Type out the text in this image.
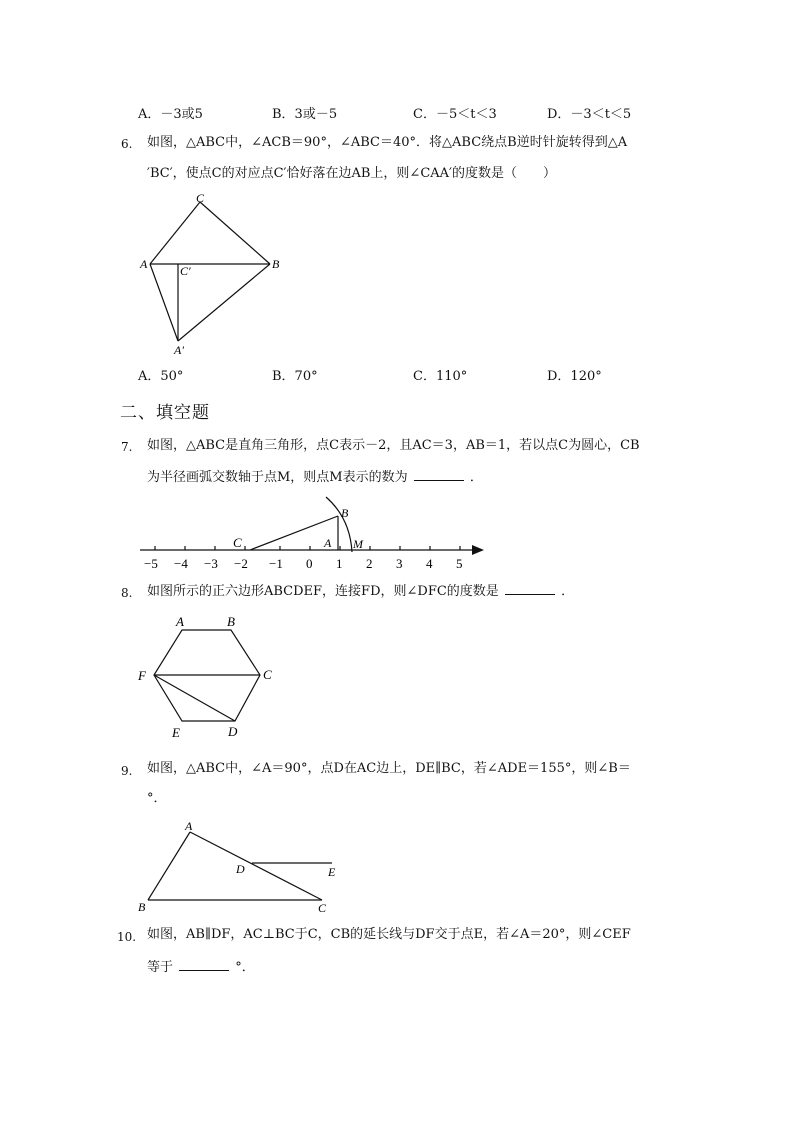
A．－3或5	B．3或－5	C．－5＜t＜3	D．－3＜t＜5
6. 如图，△ABC中，∠ACB＝90°，∠ABC＝40°．将△ABC绕点B逆时针旋转得到△A
′BC′，使点C的对应点C′恰好落在边AB上，则∠CAA′的度数是（　　）
C
A	B
C′
A′
A．50°	B．70°	C．110°	D．120°
二、填空题
7. 如图，△ABC是直角三角形，点C表示－2，且AC＝3，AB＝1，若以点C为圆心，CB
为半径画弧交数轴于点M，则点M表示的数为	．
C	A
B
M
−5 −4 −3 −2 −1 0 1 2 3 4 5
8. 如图所示的正六边形ABCDEF，连接FD，则∠DFC的度数是	．
A	B
C
D
E
F
9. 如图，△ABC中，∠A＝90°，点D在AC边上，DE∥BC，若∠ADE＝155°，则∠B＝
°．
A
B	C
D	E
10. 如图，AB∥DF，AC⊥BC于C，CB的延长线与DF交于点E，若∠A＝20°，则∠CEF
等于	°．
